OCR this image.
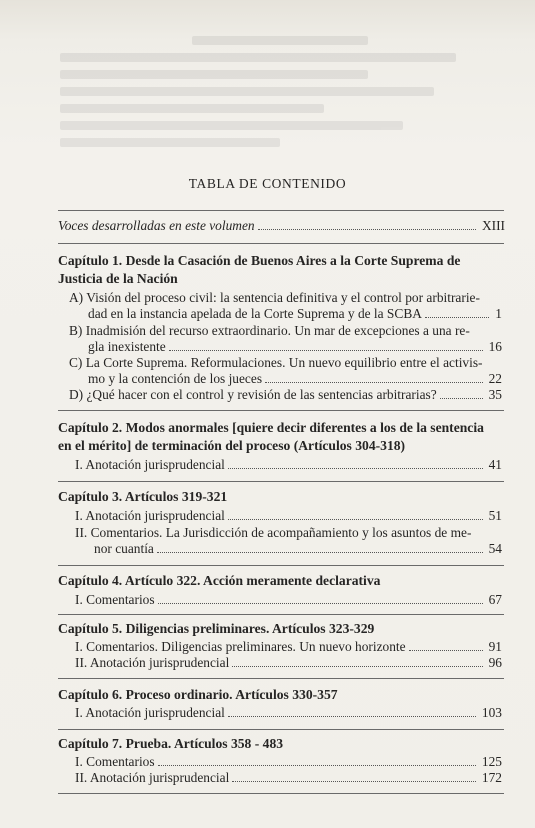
TABLA DE CONTENIDO
Voces desarrolladas en este volumen	XIII
Capítulo 1. Desde la Casación de Buenos Aires a la Corte Suprema de
Justicia de la Nación
A) Visión del proceso civil: la sentencia definitiva y el control por arbitrarie-
dad en la instancia apelada de la Corte Suprema y de la SCBA	1
B) Inadmisión del recurso extraordinario. Un mar de excepciones a una re-
gla inexistente	16
C) La Corte Suprema. Reformulaciones. Un nuevo equilibrio entre el activis-
mo y la contención de los jueces	22
D) ¿Qué hacer con el control y revisión de las sentencias arbitrarias?	35
Capítulo 2. Modos anormales [quiere decir diferentes a los de la sentencia
en el mérito] de terminación del proceso (Artículos 304-318)
I. Anotación jurisprudencial	41
Capítulo 3. Artículos 319-321
I. Anotación jurisprudencial	51
II. Comentarios. La Jurisdicción de acompañamiento y los asuntos de me-
nor cuantía	54
Capítulo 4. Artículo 322. Acción meramente declarativa
I. Comentarios	67
Capítulo 5. Diligencias preliminares. Artículos 323-329
I. Comentarios. Diligencias preliminares. Un nuevo horizonte	91
II. Anotación jurisprudencial	96
Capítulo 6. Proceso ordinario. Artículos 330-357
I. Anotación jurisprudencial	103
Capítulo 7. Prueba. Artículos 358 - 483
I. Comentarios	125
II. Anotación jurisprudencial	172
